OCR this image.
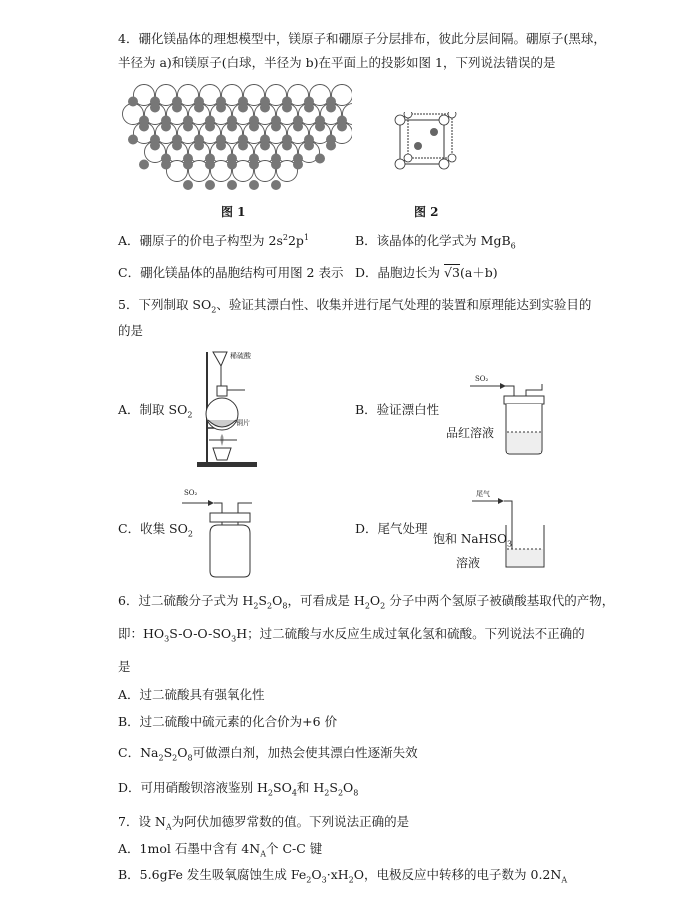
4．硼化镁晶体的理想模型中，镁原子和硼原子分层排布，彼此分层间隔。硼原子(黑球，
半径为 a)和镁原子(白球，半径为 b)在平面上的投影如图 1，下列说法错误的是
图 1	图 2
A．硼原子的价电子构型为 $2s^22p^1$	B．该晶体的化学式为 MgB$_6$
C．硼化镁晶体的晶胞结构可用图 2 表示 D．晶胞边长为 √3(a＋b)
5．下列制取 $SO_2$、验证其漂白性、收集并进行尾气处理的装置和原理能达到实验目的
的是
A．制取 $SO_2$
稀硫酸
铜片
B．验证漂白性
SO₂
品红溶液
C．收集 $SO_2$
SO₂
D．尾气处理
尾气
饱和 NaHSO$_3$
溶液
6．过二硫酸分子式为 $H_2S_2O_8$，可看成是 $H_2O_2$ 分子中两个氢原子被磺酸基取代的产物，
即：$HO_3S-O-O-SO_3H$；过二硫酸与水反应生成过氧化氢和硫酸。下列说法不正确的
是
A．过二硫酸具有强氧化性
B．过二硫酸中硫元素的化合价为+6 价
C．$Na_2S_2O_8$可做漂白剂，加热会使其漂白性逐渐失效
D．可用硝酸钡溶液鉴别 $H_2SO_4$和 $H_2S_2O_8$
7．设 $N_A$为阿伏加德罗常数的值。下列说法正确的是
A．1mol 石墨中含有 $4N_A$个 C-C 键
B．5.6gFe 发生吸氧腐蚀生成 $Fe_2O_3\cdot xH_2O$，电极反应中转移的电子数为 $0.2N_A$
